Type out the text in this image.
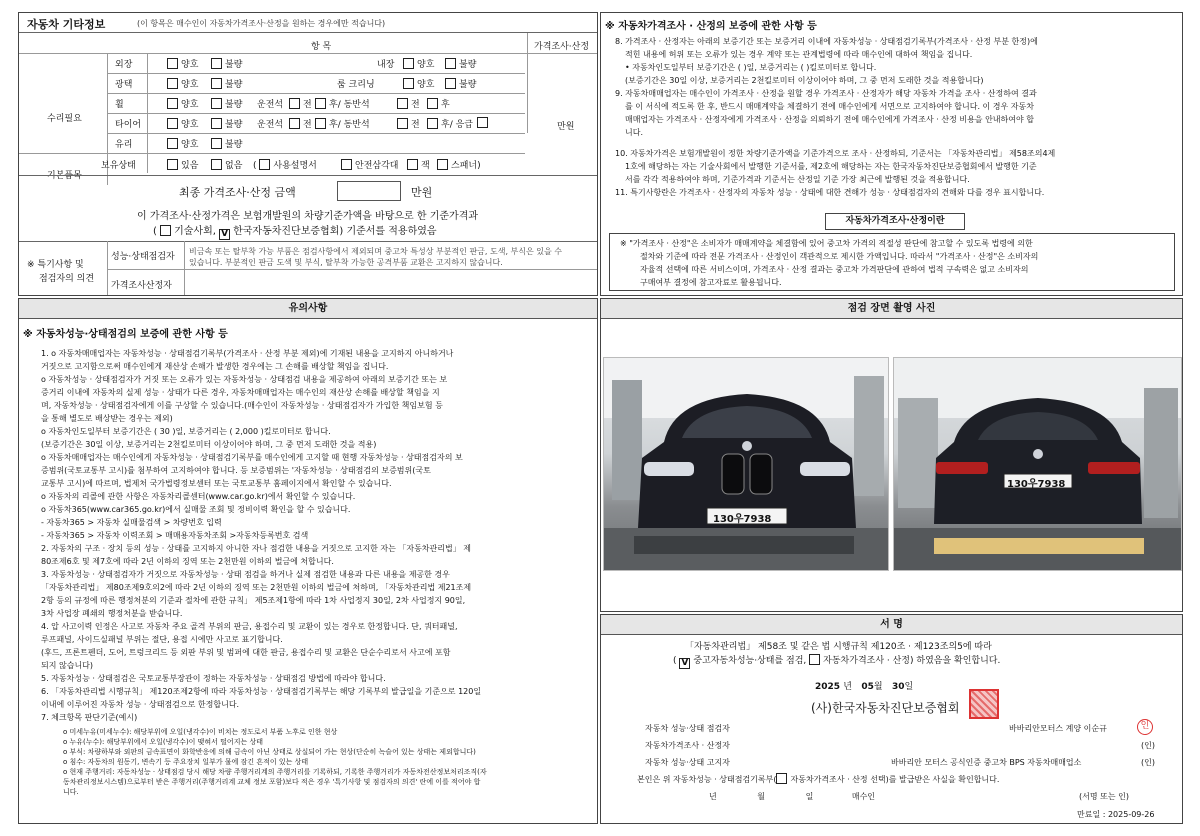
자동차 기타정보	(이 항목은 매수인이 자동차가격조사·산정을 원하는 경우에만 적습니다)
항 목	가격조사·산정
수리필요
기본품목
만원
외장	양호	불량	내장	양호	불량
광택	양호	불량	룸 크리닝	양호	불량
휠	양호	불량 운전석	전	후/ 동반석	전	후
타이어	양호	불량 운전석	전	후/ 동반석	전	후/ 응급
유리	양호	불량
보유상태	있음	없음 ( 사용설명서	안전삼각대	잭	스패너)
최종 가격조사·산정 금액	만원
이 가격조사·산정가격은 보험개발원의 차량기준가액을 바탕으로 한 기준가격과
( 기술사회, V 한국자동차진단보증협회) 기준서를 적용하였음
※ 특기사항 및
점검자의 의견
성능·상태점검자
가격조사산정자
비금속 또는 탈부착 가능 부품은 점검사항에서 제외되며 중고차 특성상 부분적인 판금, 도색, 부식은 있을 수
있습니다. 부분적인 판금 도색 및 부식, 탈부착 가능한 공격부품 교환은 고지하지 않습니다.
※ 자동차가격조사 · 산정의 보증에 관한 사항 등

8. 가격조사 · 산정자는 아래의 보증기간 또는 보증거리 이내에 자동차성능 · 상태점검기록부(가격조사 · 산정 부분 한정)에

적힌 내용에 허위 또는 오류가 있는 경우 계약 또는 관계법령에 따라 매수인에 대하여 책임을 집니다.

• 자동차인도일부터 보증기간은 ( )일, 보증거리는 ( )킬로미터로 합니다.

(보증기간은 30일 이상, 보증거리는 2천킬로미터 이상이어야 하며, 그 중 먼저 도래한 것을 적용합니다)

9. 자동차매매업자는 매수인이 가격조사 · 산정을 원할 경우 가격조사 · 산정자가 해당 자동차 가격을 조사 · 산정하여 결과

를 이 서식에 적도록 한 후, 반드시 매매계약을 체결하기 전에 매수인에게 서면으로 고지하여야 합니다. 이 경우 자동차

매매업자는 가격조사 · 산정자에게 가격조사 · 산정을 의뢰하기 전에 매수인에게 가격조사 · 산정 비용을 안내하여야 합

니다.

10. 자동차가격은 보험개발원이 정한 차량기준가액을 기준가격으로 조사 · 산정하되, 기준서는 「자동차관리법」 제58조의4제

1호에 해당하는 자는 기술사회에서 발행한 기준서를, 제2호에 해당하는 자는 한국자동차진단보증협회에서 발행한 기준

서를 각각 적용하여야 하며, 기준가격과 기준서는 산정일 기준 가장 최근에 발행된 것을 적용합니다.

11. 특기사항란은 가격조사 · 산정자의 자동차 성능 · 상태에 대한 견해가 성능 · 상태점검자의 견해와 다를 경우 표시합니다.

자동차가격조사·산정이란

※ "가격조사 · 산정"은 소비자가 매매계약을 체결함에 있어 중고차 가격의 적절성 판단에 참고할 수 있도록 법령에 의한

절차와 기준에 따라 전문 가격조사 · 산정인이 객관적으로 제시한 가액입니다. 따라서 "가격조사 · 산정"은 소비자의

자율적 선택에 따른 서비스이며, 가격조사 · 산정 결과는 중고차 가격판단에 관하여 법적 구속력은 없고 소비자의

구매여부 결정에 참고자료로 활용됩니다.

유의사항
※ 자동차성능·상태점검의 보증에 관한 사항 등

1. o 자동차매매업자는 자동차성능 · 상태점검기록부(가격조사 · 산정 부분 제외)에 기재된 내용을 고지하지 아니하거나

거짓으로 고지함으로써 매수인에게 재산상 손해가 발생한 경우에는 그 손해를 배상할 책임을 집니다.

o 자동차성능 · 상태점검자가 거짓 또는 오류가 있는 자동차성능 · 상태점검 내용을 제공하여 아래의 보증기간 또는 보

증거리 이내에 자동차의 실제 성능 · 상태가 다른 경우, 자동차매매업자는 매수인의 재산상 손해를 배상할 책임을 지

며, 자동차성능 · 상태점검자에게 이를 구상할 수 있습니다.(매수인이 자동차성능 · 상태점검자가 가입한 책임보험 등

을 통해 별도로 배상받는 경우는 제외)

o 자동차인도일부터 보증기간은 ( 30 )일, 보증거리는 ( 2,000 )킬로미터로 합니다.

(보증기간은 30일 이상, 보증거리는 2천킬로미터 이상이어야 하며, 그 중 먼저 도래한 것을 적용)

o 자동차매매업자는 매수인에게 자동차성능 · 상태점검기록부를 매수인에게 고지할 때 현행 자동차성능 · 상태점검자의 보

증범위(국토교통부 고시)를 첨부하여 고지하여야 합니다. 등 보증범위는 '자동차성능 · 상태점검의 보증범위(국토

교통부 고시)에 따르며, 법제처 국가법령정보센터 또는 국토교통부 홈페이지에서 확인할 수 있습니다.

o 자동차의 리콜에 관한 사항은 자동차리콜센터(www.car.go.kr)에서 확인할 수 있습니다.

o 자동차365(www.car365.go.kr)에서 실매물 조회 및 정비이력 확인을 할 수 있습니다.

- 자동차365 > 자동차 실매물검색 > 차량번호 입력

- 자동차365 > 자동차 이력조회 > 매매용자동차조회 >자동차등록번호 검색

2. 자동차의 구조 · 장치 등의 성능 · 상태를 고지하지 아니한 자나 점검한 내용을 거짓으로 고지한 자는 「자동차관리법」 제

80조제6호 및 제7호에 따라 2년 이하의 징역 또는 2천만원 이하의 벌금에 처합니다.

3. 자동차성능 · 상태점검자가 거짓으로 자동차성능 · 상태 점검을 하거나 실제 점검한 내용과 다른 내용을 제공한 경우

「자동차관리법」 제80조제9호의2에 따라 2년 이하의 징역 또는 2천만원 이하의 벌금에 처하며, 「자동차관리법 제21조제

2항 등의 규정에 따른 행정처분의 기준과 절차에 관한 규칙」 제5조제1항에 따라 1차 사업정지 30일, 2차 사업정지 90일,

3차 사업장 폐쇄의 행정처분을 받습니다.

4. 압 사고이력 인정은 사고로 자동차 주요 골격 부위의 판금, 용접수리 및 교환이 있는 경우로 한정합니다. 단, 쿼터패널,

루프패널, 사이드실패널 부위는 절단, 용접 시에만 사고로 표기합니다.

(후드, 프론트펜더, 도어, 트렁크리드 등 외판 부위 및 범퍼에 대한 판금, 용접수리 및 교환은 단순수리로서 사고에 포함

되지 않습니다)

5. 자동차성능 · 상태점검은 국토교통부장관이 정하는 자동차성능 · 상태점검 방법에 따라야 합니다.

6. 「자동차관리법 시행규칙」 제120조제2항에 따라 자동차성능 · 상태점검기록부는 해당 기록부의 발급일을 기준으로 120일

이내에 이루어진 자동차 성능 · 상태점검으로 한정합니다.

7. 체크항목 판단기준(예시)

o 미세누유(미세누수): 해당부위에 오일(냉각수)이 비치는 정도로서 부품 노후로 인한 현상

o 누유(누수): 해당부위에서 오일(냉각수)이 맺혀서 떨어지는 상태

o 부식: 차량하부와 외판의 금속표면이 화학반응에 의해 금속이 아닌 상태로 상실되어 가는 현상(단순히 녹슬어 있는 상태는 제외합니다)

o 침수: 자동차의 원동기, 변속기 등 주요장치 일부가 물에 잠긴 흔적이 있는 상태

o 현재 주행거리: 자동차성능 · 상태점검 당시 해당 차량 주행거리계의 주행거리를 기록하되, 기록한 주행거리가 자동차전산정보처리조직(자

동차관리정보시스템)으로부터 받은 주행거리(주행거리계 교체 정보 포함)보다 적은 경우 '특기사항 및 점검자의 의견' 란에 이를 적어야 합

니다.

점검 장면 촬영 사진
130우7938
130우7938
서 명
「자동차관리법」 제58조 및 같은 법 시행규칙 제120조 · 제123조의5에 따라
( V 중고자동차성능·상태를 점검, 자동차가격조사 · 산정) 하였음을 확인합니다.
2025 년 05월 30일
(사)한국자동차진단보증협회
자동차 성능·상태 점검자	바바리안모터스 계양 이순규	인
자동차가격조사 · 산정자	(인)
자동차 성능·상태 고지자	바바리안 모터스 공식인증 중고차 BPS 자동차매매업소	(인)
본인은 위 자동차성능 · 상태점검기록부( 자동차가격조사 · 산정 선택)를 발급받은 사실을 확인합니다.
년	월	일	매수인	(서명 또는 인)
만료일 : 2025-09-26
